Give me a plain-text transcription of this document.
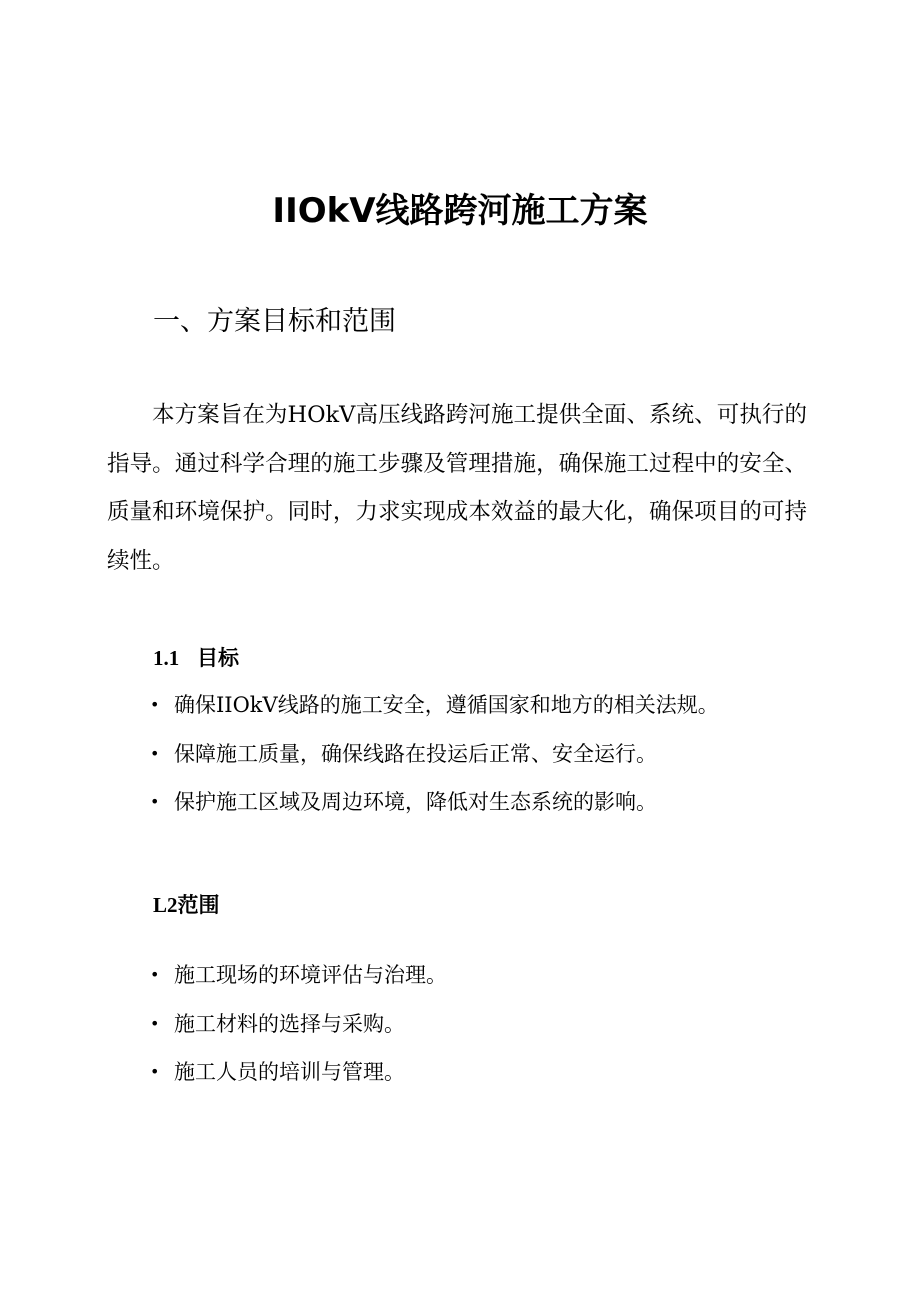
IIOkV线路跨河施工方案
一、方案目标和范围

本方案旨在为HOkV高压线路跨河施工提供全面、系统、可执行的指导。通过科学合理的施工步骤及管理措施，确保施工过程中的安全、质量和环境保护。同时，力求实现成本效益的最大化，确保项目的可持续性。

1.1 目标
• 确保IIOkV线路的施工安全，遵循国家和地方的相关法规。
• 保障施工质量，确保线路在投运后正常、安全运行。
• 保护施工区域及周边环境，降低对生态系统的影响。
L2范围
• 施工现场的环境评估与治理。
• 施工材料的选择与采购。
• 施工人员的培训与管理。
